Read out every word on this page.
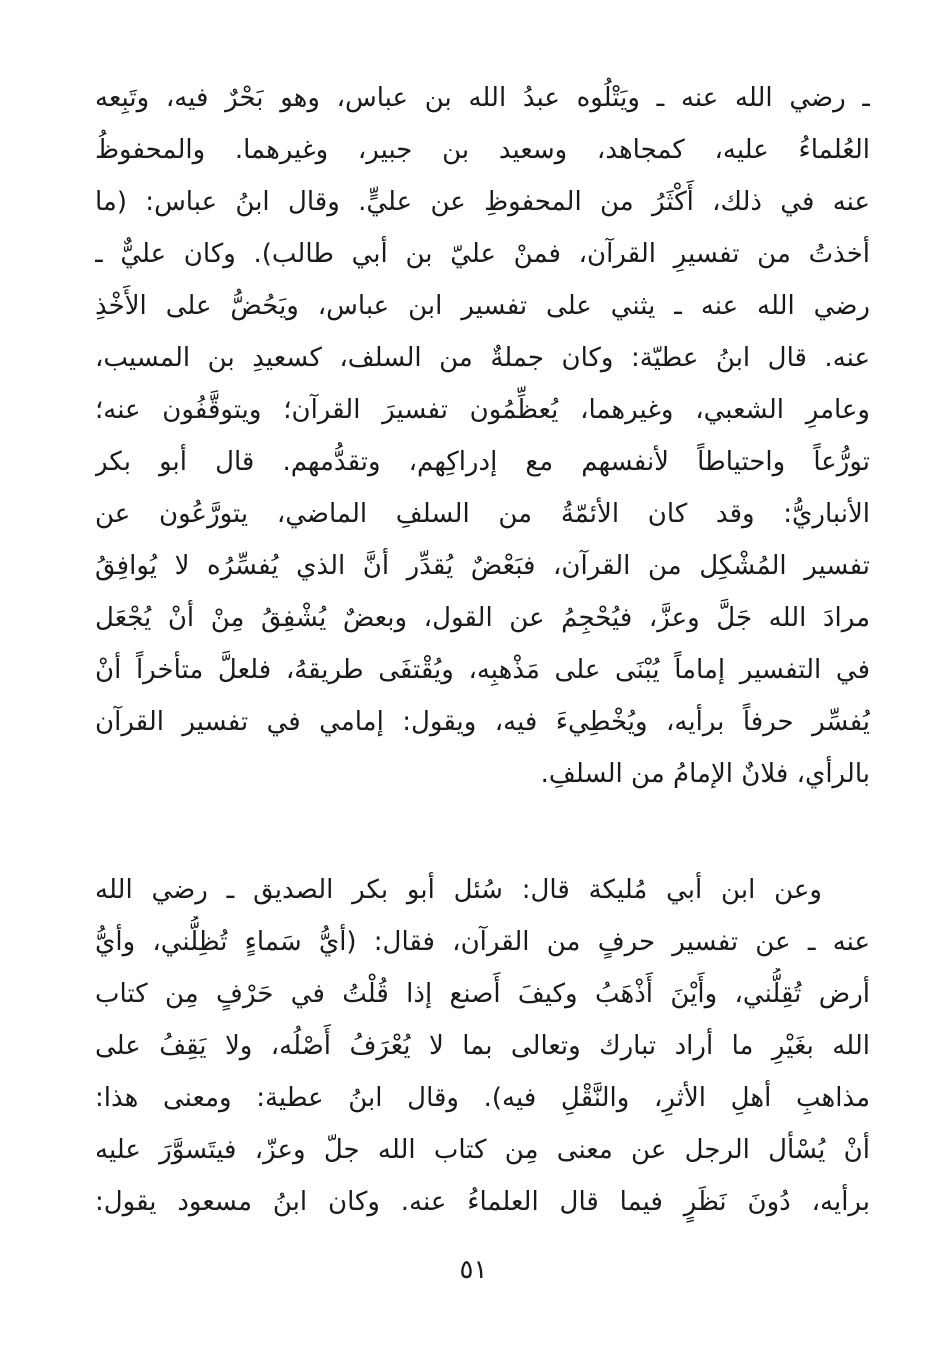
ـ رضي الله عنه ـ ويَتْلُوه عبدُ الله بن عباس، وهو بَحْرٌ فيه، وتَبِعه
العُلماءُ عليه، كمجاهد، وسعيد بن جبير، وغيرهما. والمحفوظُ
عنه في ذلك، أَكْثَرُ من المحفوظِ عن عليٍّ. وقال ابنُ عباس: (ما
أخذتُ من تفسيرِ القرآن، فمنْ عليّ بن أبي طالب). وكان عليٌّ ـ
رضي الله عنه ـ يثني على تفسير ابن عباس، ويَحُضُّ على الأَخْذِ
عنه. قال ابنُ عطيّة: وكان جملةٌ من السلف، كسعيدِ بن المسيب،
وعامرِ الشعبي، وغيرهما، يُعظِّمُون تفسيرَ القرآن؛ ويتوقَّفُون عنه؛
تورُّعاً واحتياطاً لأنفسهم مع إدراكِهم، وتقدُّمهم. قال أبو بكر
الأنباريُّ: وقد كان الأئمّةُ من السلفِ الماضي، يتورَّعُون عن
تفسير المُشْكِل من القرآن، فبَعْضٌ يُقدِّر أنَّ الذي يُفسِّرُه لا يُوافِقُ
مرادَ الله جَلَّ وعزَّ، فيُحْجِمُ عن القول، وبعضٌ يُشْفِقُ مِنْ أنْ يُجْعَل
في التفسير إماماً يُبْنَى على مَذْهبِه، ويُقْتفَى طريقهُ، فلعلَّ متأخراً أنْ
يُفسِّر حرفاً برأيه، ويُخْطِيءَ فيه، ويقول: إمامي في تفسير القرآن
بالرأي، فلانٌ الإمامُ من السلفِ.
وعن ابن أبي مُليكة قال: سُئل أبو بكر الصديق ـ رضي الله
عنه ـ عن تفسير حرفٍ من القرآن، فقال: (أيُّ سَماءٍ تُظِلُّني، وأيُّ
أرض تُقِلُّني، وأَيْنَ أَذْهَبُ وكيفَ أَصنع إذا قُلْتُ في حَرْفٍ مِن كتاب
الله بغَيْرِ ما أراد تبارك وتعالى بما لا يُعْرَفُ أَصْلُه، ولا يَقِفُ على
مذاهبِ أهلِ الأثرِ، والنَّقْلِ فيه). وقال ابنُ عطية: ومعنى هذا:
أنْ يُسْأل الرجل عن معنى مِن كتاب الله جلّ وعزّ، فيتَسوَّرَ عليه
برأيه، دُونَ نَظَرٍ فيما قال العلماءُ عنه. وكان ابنُ مسعود يقول:
٥١
